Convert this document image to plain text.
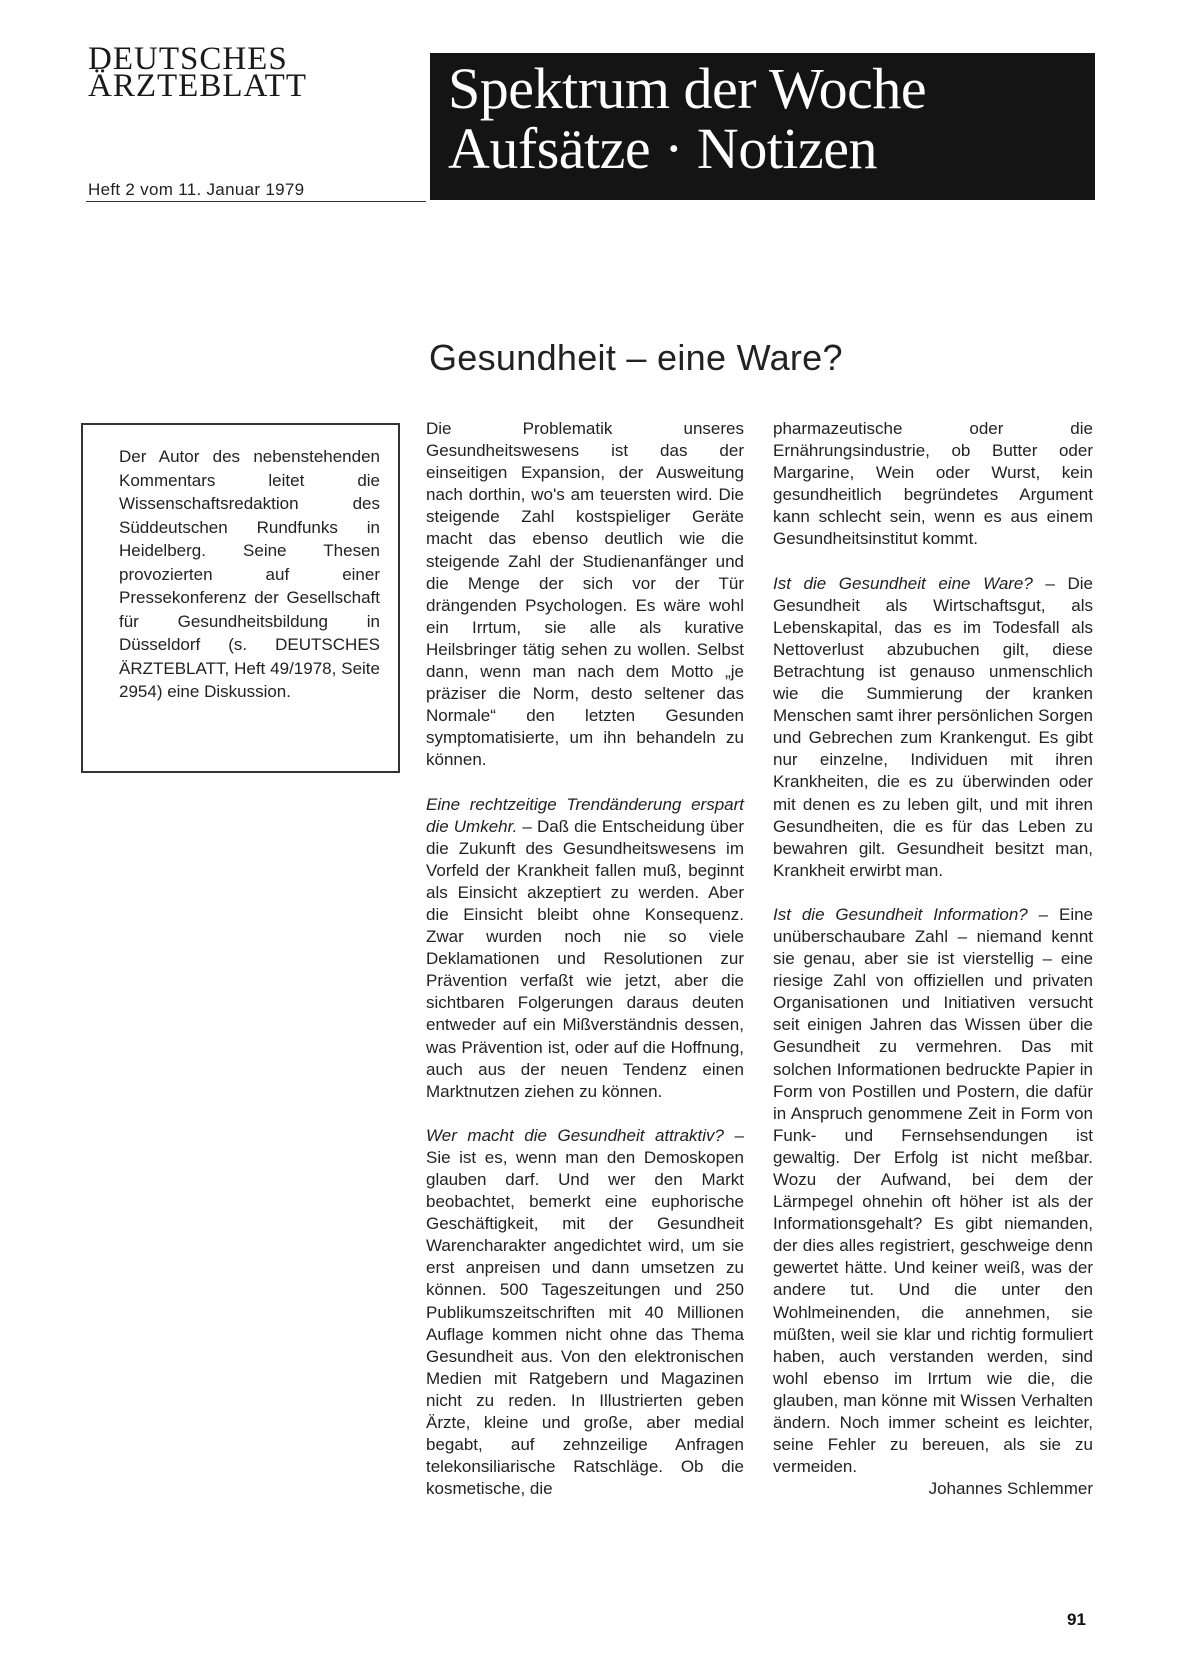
DEUTSCHES
ÄRZTEBLATT
Heft 2 vom 11. Januar 1979
Spektrum der Woche
Aufsätze · Notizen
Gesundheit – eine Ware?

Der Autor des nebenstehenden Kommentars leitet die Wissenschaftsredaktion des Süddeutschen Rundfunks in Heidelberg. Seine Thesen provozierten auf einer Pressekonferenz der Gesellschaft für Gesundheitsbildung in Düsseldorf (s. DEUTSCHES ÄRZTEBLATT, Heft 49/1978, Seite 2954) eine Diskussion.

Die Problematik unseres Gesundheitswesens ist das der einseitigen Expansion, der Ausweitung nach dorthin, wo's am teuersten wird. Die steigende Zahl kostspieliger Geräte macht das ebenso deutlich wie die steigende Zahl der Studienanfänger und die Menge der sich vor der Tür drängenden Psychologen. Es wäre wohl ein Irrtum, sie alle als kurative Heilsbringer tätig sehen zu wollen. Selbst dann, wenn man nach dem Motto „je präziser die Norm, desto seltener das Normale“ den letzten Gesunden symptomatisierte, um ihn behandeln zu können.

Eine rechtzeitige Trendänderung erspart die Umkehr. – Daß die Entscheidung über die Zukunft des Gesundheitswesens im Vorfeld der Krankheit fallen muß, beginnt als Einsicht akzeptiert zu werden. Aber die Einsicht bleibt ohne Konsequenz. Zwar wurden noch nie so viele Deklamationen und Resolutionen zur Prävention verfaßt wie jetzt, aber die sichtbaren Folgerungen daraus deuten entweder auf ein Mißverständnis dessen, was Prävention ist, oder auf die Hoffnung, auch aus der neuen Tendenz einen Marktnutzen ziehen zu können.

Wer macht die Gesundheit attraktiv? – Sie ist es, wenn man den Demoskopen glauben darf. Und wer den Markt beobachtet, bemerkt eine euphorische Geschäftigkeit, mit der Gesundheit Warencharakter angedichtet wird, um sie erst anpreisen und dann umsetzen zu können. 500 Tageszeitungen und 250 Publikumszeitschriften mit 40 Millionen Auflage kommen nicht ohne das Thema Gesundheit aus. Von den elektronischen Medien mit Ratgebern und Magazinen nicht zu reden. In Illustrierten geben Ärzte, kleine und große, aber medial begabt, auf zehnzeilige Anfragen telekonsiliarische Ratschläge. Ob die kosmetische, die

pharmazeutische oder die Ernährungsindustrie, ob Butter oder Margarine, Wein oder Wurst, kein gesundheitlich begründetes Argument kann schlecht sein, wenn es aus einem Gesundheitsinstitut kommt.

Ist die Gesundheit eine Ware? – Die Gesundheit als Wirtschaftsgut, als Lebenskapital, das es im Todesfall als Nettoverlust abzubuchen gilt, diese Betrachtung ist genauso unmenschlich wie die Summierung der kranken Menschen samt ihrer persönlichen Sorgen und Gebrechen zum Krankengut. Es gibt nur einzelne, Individuen mit ihren Krankheiten, die es zu überwinden oder mit denen es zu leben gilt, und mit ihren Gesundheiten, die es für das Leben zu bewahren gilt. Gesundheit besitzt man, Krankheit erwirbt man.

Ist die Gesundheit Information? – Eine unüberschaubare Zahl – niemand kennt sie genau, aber sie ist vierstellig – eine riesige Zahl von offiziellen und privaten Organisationen und Initiativen versucht seit einigen Jahren das Wissen über die Gesundheit zu vermehren. Das mit solchen Informationen bedruckte Papier in Form von Postillen und Postern, die dafür in Anspruch genommene Zeit in Form von Funk- und Fernsehsendungen ist gewaltig. Der Erfolg ist nicht meßbar. Wozu der Aufwand, bei dem der Lärmpegel ohnehin oft höher ist als der Informationsgehalt? Es gibt niemanden, der dies alles registriert, geschweige denn gewertet hätte. Und keiner weiß, was der andere tut. Und die unter den Wohlmeinenden, die annehmen, sie müßten, weil sie klar und richtig formuliert haben, auch verstanden werden, sind wohl ebenso im Irrtum wie die, die glauben, man könne mit Wissen Verhalten ändern. Noch immer scheint es leichter, seine Fehler zu bereuen, als sie zu vermeiden.

Johannes Schlemmer
91
